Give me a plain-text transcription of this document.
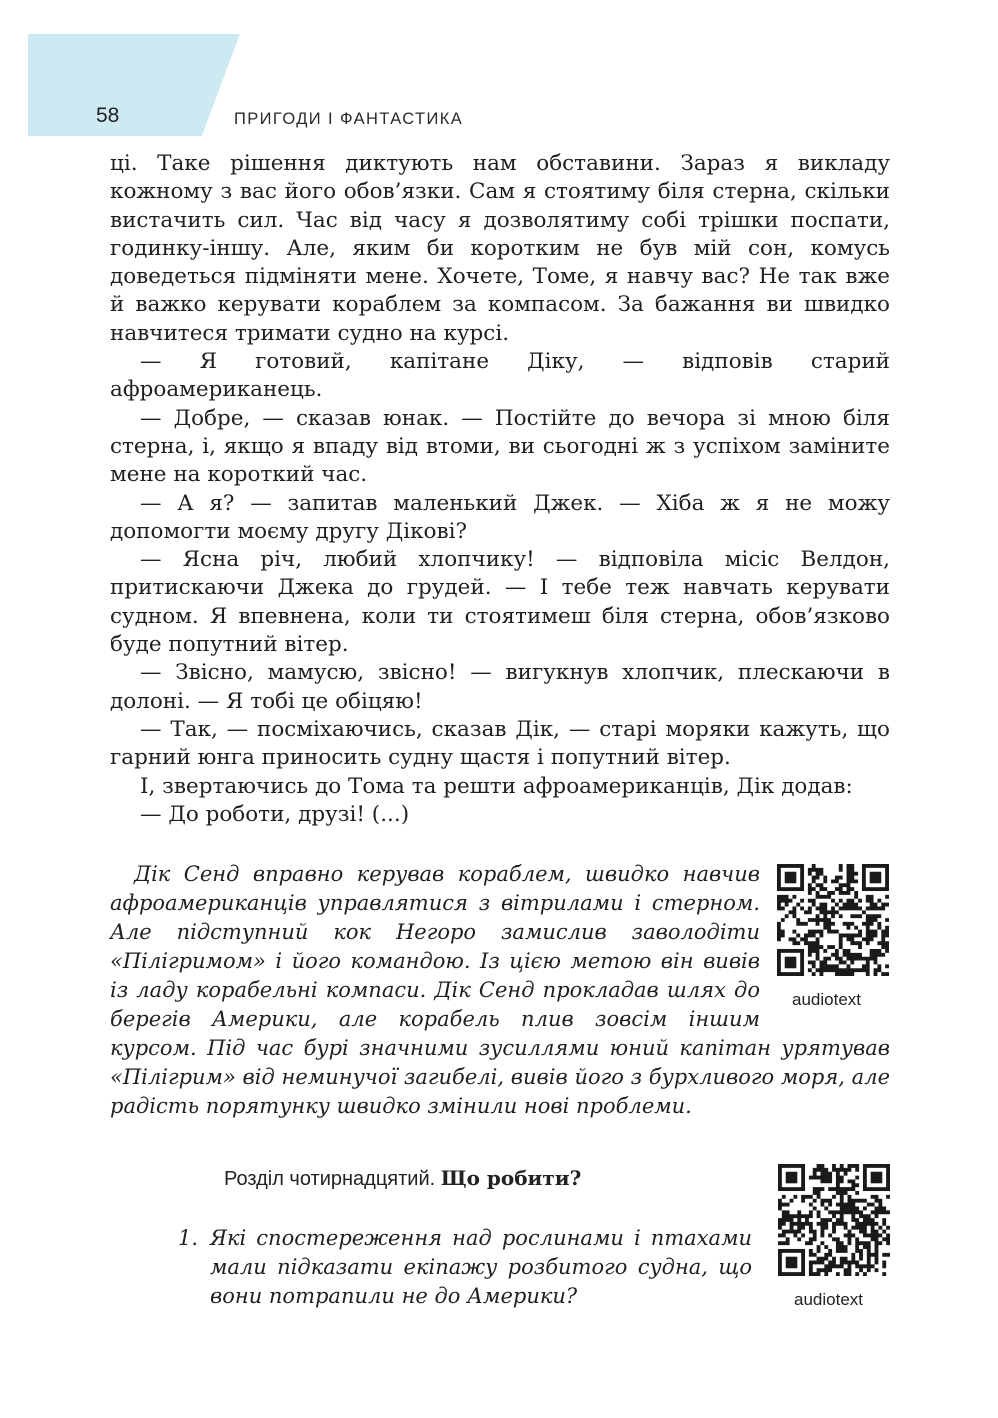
58	ПРИГОДИ І ФАНТАСТИКА

ці. Таке рішення диктують нам обставини. Зараз я викладу кожному з вас його обов’язки. Сам я стоятиму біля стерна, скільки вистачить сил. Час від часу я дозволятиму собі трішки поспати, годинку-іншу. Але, яким би коротким не був мій сон, комусь доведеться підміняти мене. Хочете, Томе, я навчу вас? Не так вже й важко керувати кораблем за компасом. За бажання ви швидко навчитеся тримати судно на курсі.

— Я готовий, капітане Діку, — відповів старий афроамериканець.

— Добре, — сказав юнак. — Постійте до вечора зі мною біля стерна, і, якщо я впаду від втоми, ви сьогодні ж з успіхом заміните мене на короткий час.

— А я? — запитав маленький Джек. — Хіба ж я не можу допомогти моєму другу Дікові?

— Ясна річ, любий хлопчику! — відповіла місіс Велдон, притискаючи Джека до грудей. — І тебе теж навчать керувати судном. Я впевнена, коли ти стоятимеш біля стерна, обов’язково буде попутний вітер.

— Звісно, мамусю, звісно! — вигукнув хлопчик, плескаючи в долоні. — Я тобі це обіцяю!

— Так, — посміхаючись, сказав Дік, — старі моряки кажуть, що гарний юнга приносить судну щастя і попутний вітер.

І, звертаючись до Тома та решти афроамериканців, Дік додав:

— До роботи, друзі! (...)

Дік Сенд вправно керував кораблем, швидко навчив афроамериканців управлятися з вітрилами і стерном. Але підступний кок Негоро замислив заволодіти «Пілігримом» і його командою. Із цією метою він вивів із ладу корабельні компаси. Дік Сенд прокладав шлях до берегів Америки, але корабель плив зовсім іншим курсом. Під час бурі значними зусиллями юний капітан урятував «Пілігрим» від неминучої загибелі, вивів його з бурхливого моря, але радість порятунку швидко змінили нові проблеми.

audiotext
Розділ чотирнадцятий. Що робити?
audiotext
1. Які спостереження над рослинами і птахами мали підказати екіпажу розбитого судна, що вони потрапили не до Америки?
